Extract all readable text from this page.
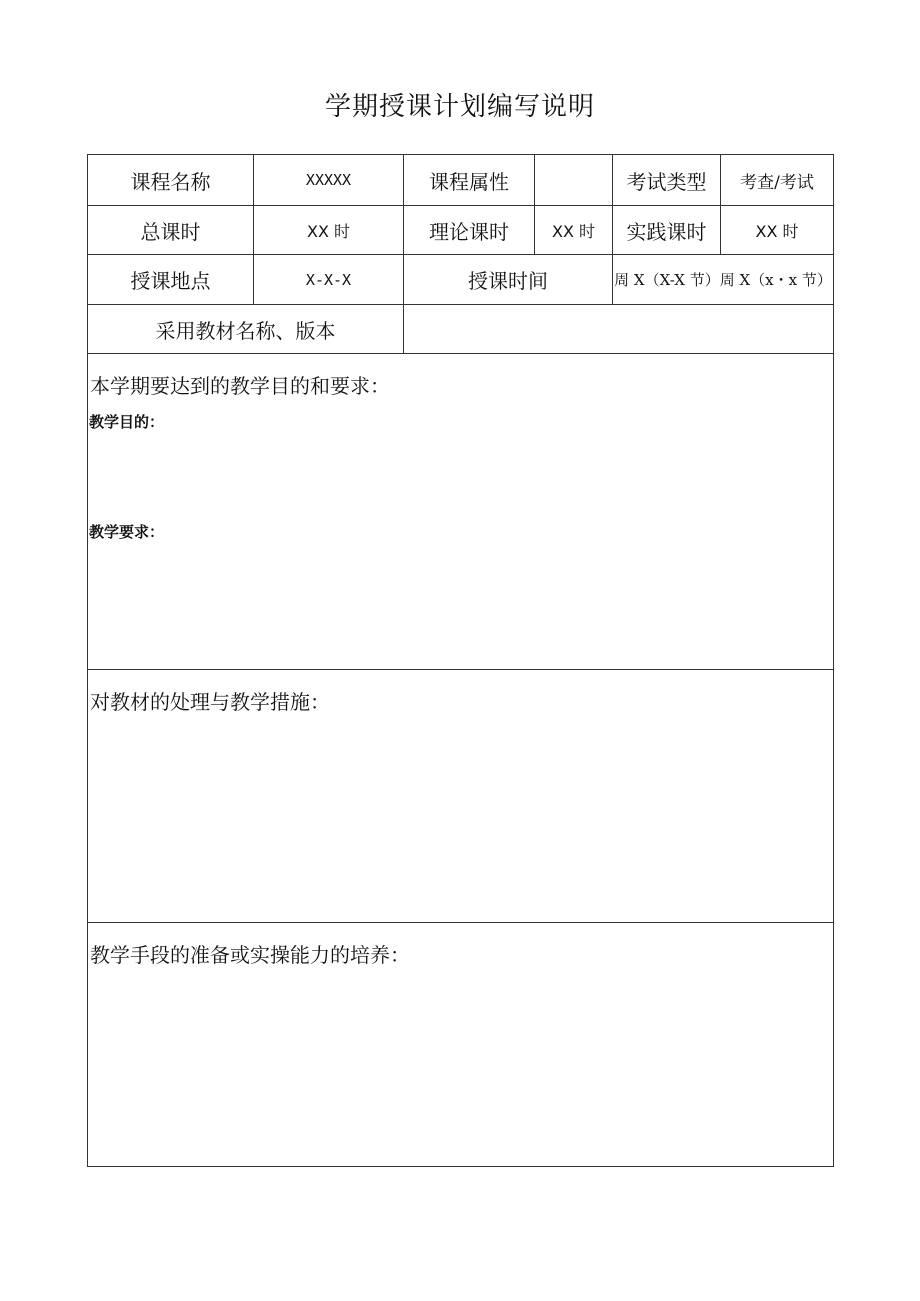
学期授课计划编写说明
课程名称	XXXXX	课程属性		考试类型	考查/考试
总课时	XX 时	理论课时	XX 时	实践课时	XX 时
授课地点	X-X-X	授课时间		周 X（X-X 节）周 X（x・x 节）	
采用教材名称、版本					

本学期要达到的教学目的和要求：
教学目的：
教学要求：					

对教材的处理与教学措施：					

教学手段的准备或实操能力的培养：					
